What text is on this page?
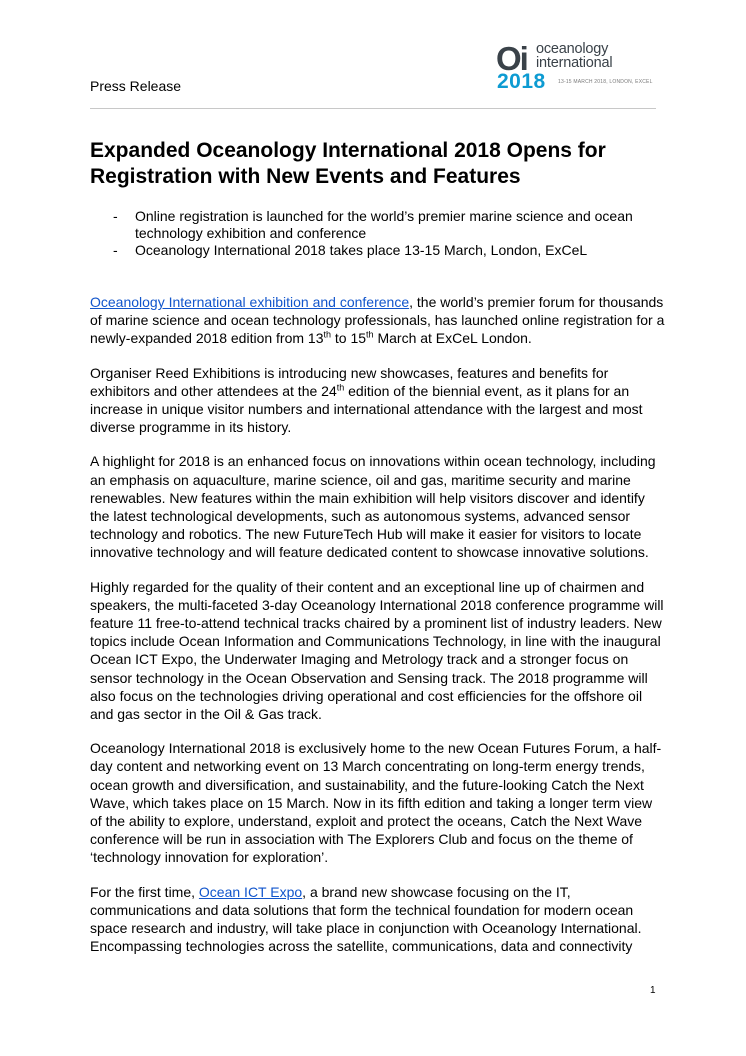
Press Release
Oi oceanology
international
2018 13-15 MARCH 2018, LONDON, EXCEL
Expanded Oceanology International 2018 Opens for Registration with New Events and Features
- Online registration is launched for the world’s premier marine science and ocean technology exhibition and conference
- Oceanology International 2018 takes place 13-15 March, London, ExCeL

Oceanology International exhibition and conference, the world’s premier forum for thousands of marine science and ocean technology professionals, has launched online registration for a newly-expanded 2018 edition from 13th to 15th March at ExCeL London.

Organiser Reed Exhibitions is introducing new showcases, features and benefits for exhibitors and other attendees at the 24th edition of the biennial event, as it plans for an increase in unique visitor numbers and international attendance with the largest and most diverse programme in its history.

A highlight for 2018 is an enhanced focus on innovations within ocean technology, including an emphasis on aquaculture, marine science, oil and gas, maritime security and marine renewables. New features within the main exhibition will help visitors discover and identify the latest technological developments, such as autonomous systems, advanced sensor technology and robotics. The new FutureTech Hub will make it easier for visitors to locate innovative technology and will feature dedicated content to showcase innovative solutions.

Highly regarded for the quality of their content and an exceptional line up of chairmen and speakers, the multi-faceted 3-day Oceanology International 2018 conference programme will feature 11 free-to-attend technical tracks chaired by a prominent list of industry leaders. New topics include Ocean Information and Communications Technology, in line with the inaugural Ocean ICT Expo, the Underwater Imaging and Metrology track and a stronger focus on sensor technology in the Ocean Observation and Sensing track. The 2018 programme will also focus on the technologies driving operational and cost efficiencies for the offshore oil and gas sector in the Oil & Gas track.

Oceanology International 2018 is exclusively home to the new Ocean Futures Forum, a half-day content and networking event on 13 March concentrating on long-term energy trends, ocean growth and diversification, and sustainability, and the future-looking Catch the Next Wave, which takes place on 15 March. Now in its fifth edition and taking a longer term view of the ability to explore, understand, exploit and protect the oceans, Catch the Next Wave conference will be run in association with The Explorers Club and focus on the theme of ‘technology innovation for exploration’.

For the first time, Ocean ICT Expo, a brand new showcase focusing on the IT, communications and data solutions that form the technical foundation for modern ocean space research and industry, will take place in conjunction with Oceanology International. Encompassing technologies across the satellite, communications, data and connectivity

1
